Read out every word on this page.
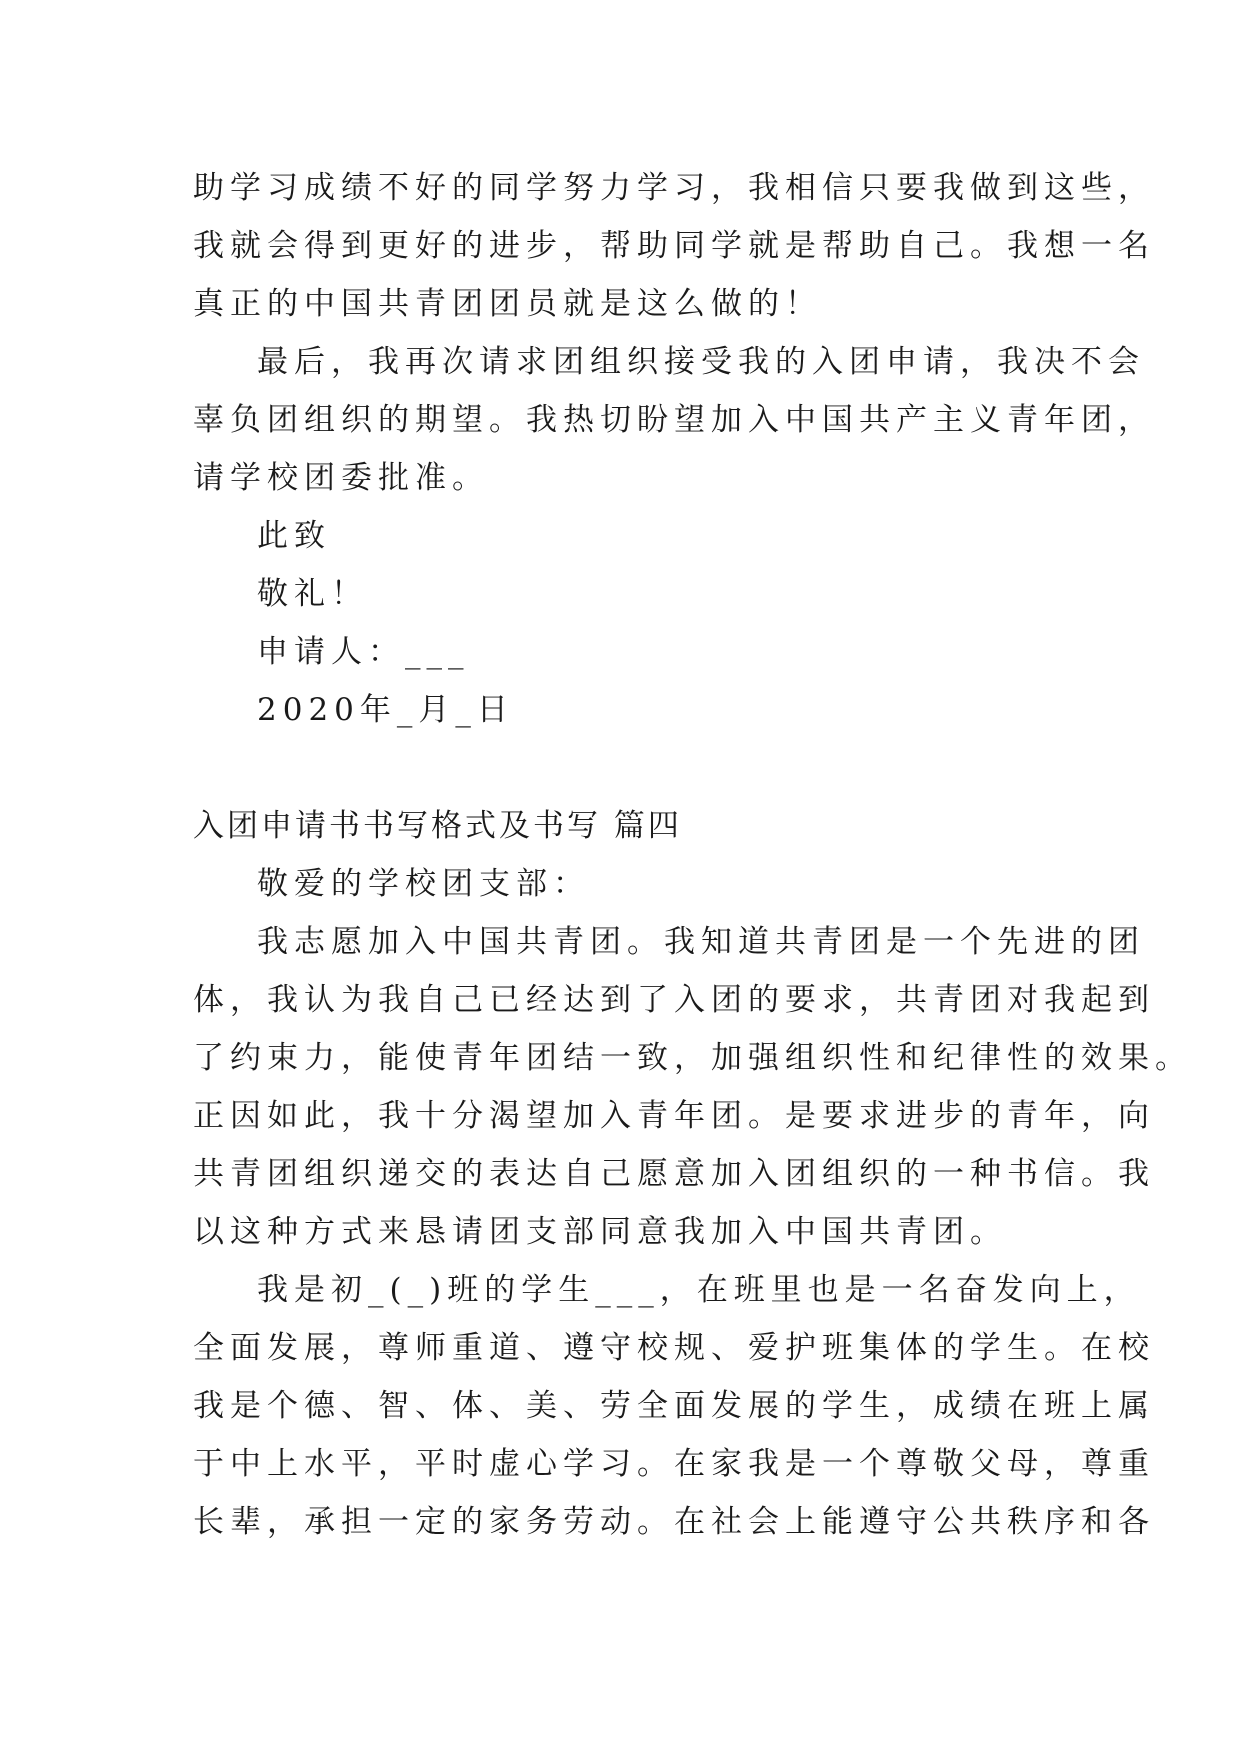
助学习成绩不好的同学努力学习，我相信只要我做到这些，
我就会得到更好的进步，帮助同学就是帮助自己。我想一名
真正的中国共青团团员就是这么做的！
最后，我再次请求团组织接受我的入团申请，我决不会
辜负团组织的期望。我热切盼望加入中国共产主义青年团，
请学校团委批准。
此致
敬礼！
申请人：___
2020年_月_日
入团申请书书写格式及书写 篇四
敬爱的学校团支部：
我志愿加入中国共青团。我知道共青团是一个先进的团
体，我认为我自己已经达到了入团的要求，共青团对我起到
了约束力，能使青年团结一致，加强组织性和纪律性的效果。
正因如此，我十分渴望加入青年团。是要求进步的青年，向
共青团组织递交的表达自己愿意加入团组织的一种书信。我
以这种方式来恳请团支部同意我加入中国共青团。
我是初_(_)班的学生___，在班里也是一名奋发向上，
全面发展，尊师重道、遵守校规、爱护班集体的学生。在校
我是个德、智、体、美、劳全面发展的学生，成绩在班上属
于中上水平，平时虚心学习。在家我是一个尊敬父母，尊重
长辈，承担一定的家务劳动。在社会上能遵守公共秩序和各
